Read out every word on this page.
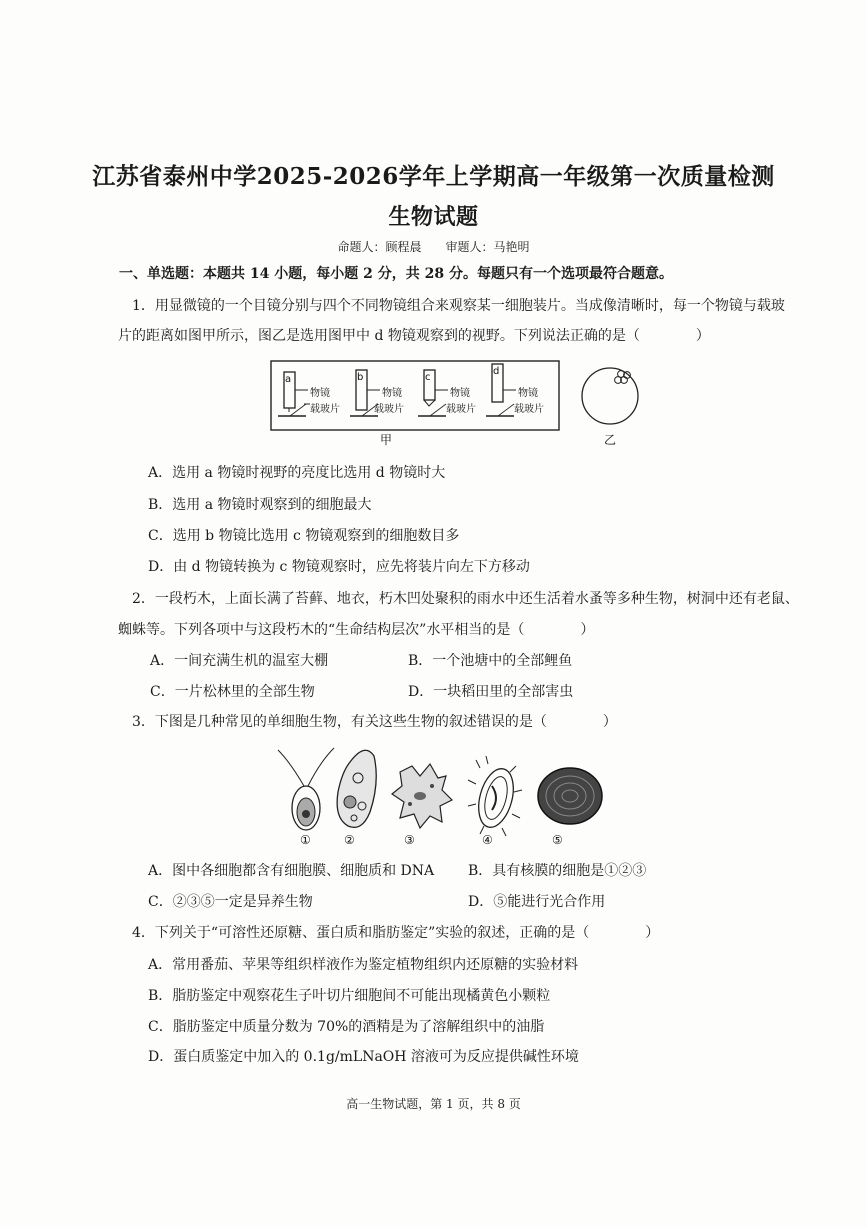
江苏省泰州中学2025-2026学年上学期高一年级第一次质量检测
生物试题
命题人：顾程晨　　审题人：马艳明
一、单选题：本题共 14 小题，每小题 2 分，共 28 分。每题只有一个选项最符合题意。
1．用显微镜的一个目镜分别与四个不同物镜组合来观察某一细胞装片。当成像清晰时，每一个物镜与载玻
片的距离如图甲所示，图乙是选用图甲中 d 物镜观察到的视野。下列说法正确的是（　　　　）
a
物镜
载玻片
b
物镜
载玻片
c
物镜
载玻片
d
物镜
载玻片
甲	乙
A．选用 a 物镜时视野的亮度比选用 d 物镜时大
B．选用 a 物镜时观察到的细胞最大
C．选用 b 物镜比选用 c 物镜观察到的细胞数目多
D．由 d 物镜转换为 c 物镜观察时，应先将装片向左下方移动
2．一段朽木，上面长满了苔藓、地衣，朽木凹处聚积的雨水中还生活着水蚤等多种生物，树洞中还有老鼠、
蜘蛛等。下列各项中与这段朽木的“生命结构层次”水平相当的是（　　　　）
A．一间充满生机的温室大棚	B．一个池塘中的全部鲤鱼
C．一片松林里的全部生物	D．一块稻田里的全部害虫
3．下图是几种常见的单细胞生物，有关这些生物的叙述错误的是（　　　　）
①	②	③	④	⑤
A．图中各细胞都含有细胞膜、细胞质和 DNA B．具有核膜的细胞是①②③
C．②③⑤一定是异养生物	D．⑤能进行光合作用
4．下列关于“可溶性还原糖、蛋白质和脂肪鉴定”实验的叙述，正确的是（　　　　）
A．常用番茄、苹果等组织样液作为鉴定植物组织内还原糖的实验材料
B．脂肪鉴定中观察花生子叶切片细胞间不可能出现橘黄色小颗粒
C．脂肪鉴定中质量分数为 70%的酒精是为了溶解组织中的油脂
D．蛋白质鉴定中加入的 0.1g/mLNaOH 溶液可为反应提供碱性环境
高一生物试题，第 1 页，共 8 页
